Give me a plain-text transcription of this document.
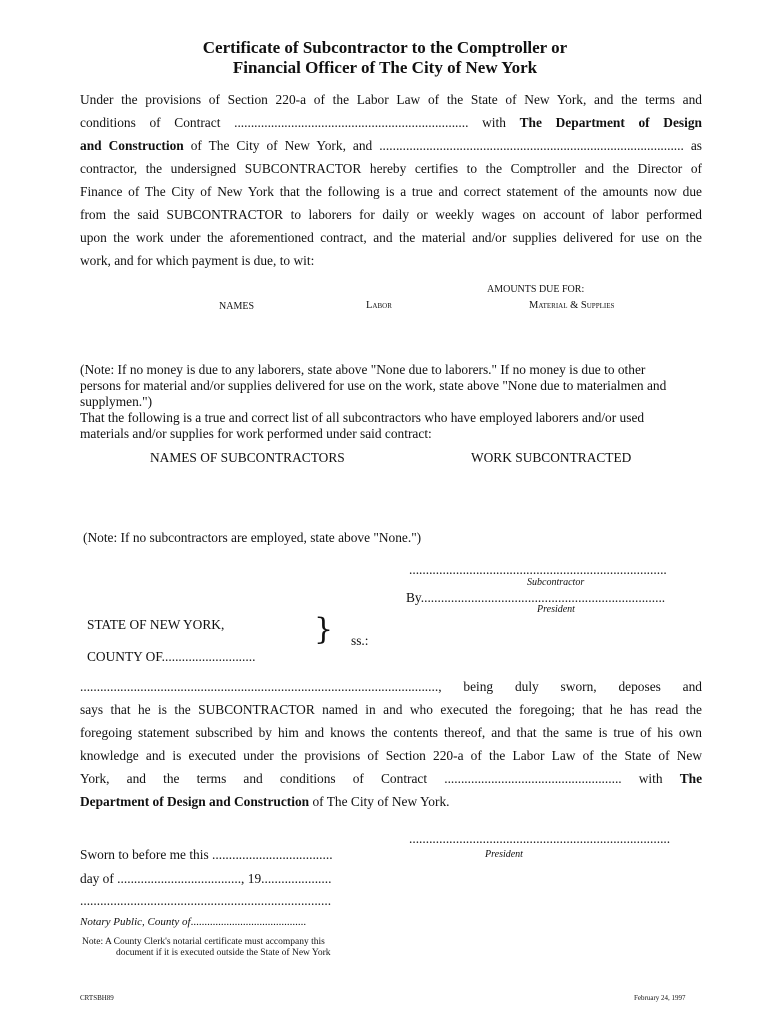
Certificate of Subcontractor to the Comptroller or
Financial Officer of The City of New York
Under the provisions of Section 220-a of the Labor Law of the State of New York, and the terms and
conditions of Contract ...................................................................... with The Department of Design
and Construction of The City of New York, and ........................................................................................... as
contractor, the undersigned SUBCONTRACTOR hereby certifies to the Comptroller and the Director of
Finance of The City of New York that the following is a true and correct statement of the amounts now due
from the said SUBCONTRACTOR to laborers for daily or weekly wages on account of labor performed
upon the work under the aforementioned contract, and the material and/or supplies delivered for use on the
work, and for which payment is due, to wit:
AMOUNTS DUE FOR:
NAMES	Labor	Material & Supplies
(Note: If no money is due to any laborers, state above "None due to laborers." If no money is due to other
persons for material and/or supplies delivered for use on the work, state above "None due to materialmen and
supplymen.")
That the following is a true and correct list of all subcontractors who have employed laborers and/or used
materials and/or supplies for work performed under said contract:
NAMES OF SUBCONTRACTORS	WORK SUBCONTRACTED
(Note: If no subcontractors are employed, state above "None.")
.............................................................................
Subcontractor
By.........................................................................
President
STATE OF NEW YORK,	} ss.:
COUNTY OF............................
..........................................................................................................., being duly sworn, deposes and
says that he is the SUBCONTRACTOR named in and who executed the foregoing; that he has read the
foregoing statement subscribed by him and knows the contents thereof, and that the same is true of his own
knowledge and is executed under the provisions of Section 220-a of the Labor Law of the State of New
York, and the terms and conditions of Contract ..................................................... with The
Department of Design and Construction of The City of New York.
..............................................................................
President
Sworn to before me this ....................................
day of ....................................., 19.....................
...........................................................................
Notary Public, County of..........................................
Note: A County Clerk's notarial certificate must accompany this
document if it is executed outside the State of New York
CRTSBH89	February 24, 1997
